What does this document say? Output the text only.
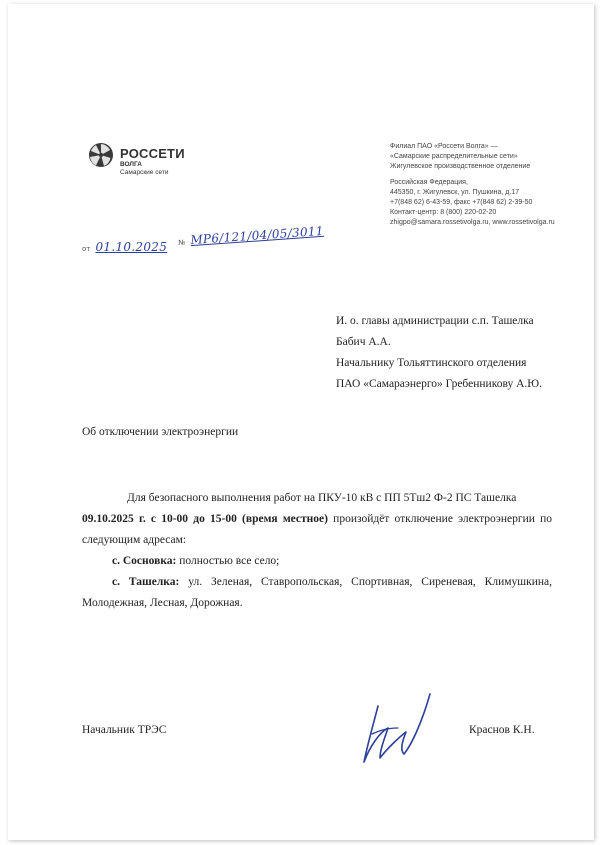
РОССЕТИ
ВОЛГА
Самарские сети
Филиал ПАО «Россети Волга» —
«Самарские распределительные сети»
Жигулевское производственное отделение
Российская Федерация,
445350, г. Жигулевск, ул. Пушкина, д.17
+7(848 62) 6-43-59, факс +7(848 62) 2-39-50
Контакт-центр: 8 (800) 220-02-20
zhigpo@samara.rossetivolga.ru, www.rossetivolga.ru
от 01.10.2025 № МР6/121/04/05/3011
И. о. главы администрации с.п. Ташелка
Бабич А.А.
Начальнику Тольяттинского отделения
ПАО «Самараэнерго» Гребенникову А.Ю.
Об отключении электроэнергии

Для безопасного выполнения работ на ПКУ-10 кВ с ПП 5Тш2 Ф-2 ПС Ташелка
09.10.2025 г. с 10-00 до 15-00 (время местное) произойдёт отключение электроэнергии по следующим адресам:

с. Сосновка: полностью все село;

с. Ташелка: ул. Зеленая, Ставропольская, Спортивная, Сиреневая, Климушкина, Молодежная, Лесная, Дорожная.

Начальник ТРЭС	Краснов К.Н.
